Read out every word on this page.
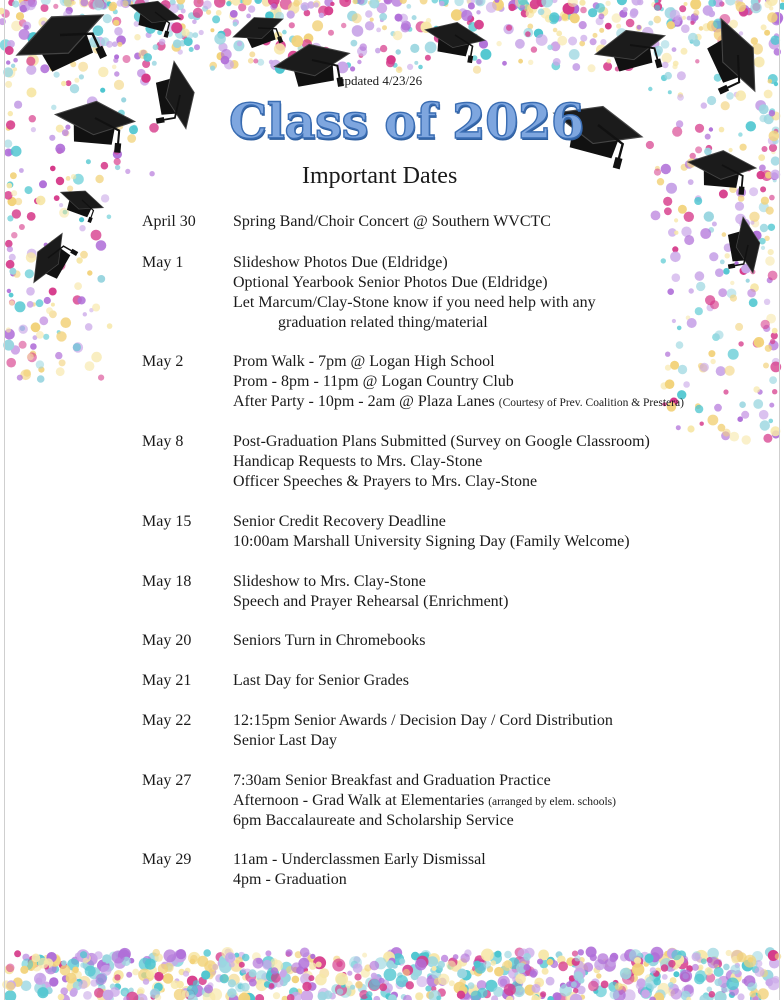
updated 4/23/26
Class of 2026
Important Dates
April 30 Spring Band/Choir Concert @ Southern WVCTC
May 1	Slideshow Photos Due (Eldridge)
Optional Yearbook Senior Photos Due (Eldridge)
Let Marcum/Clay-Stone know if you need help with any
graduation related thing/material
May 2	Prom Walk - 7pm @ Logan High School
Prom - 8pm - 11pm @ Logan Country Club
After Party - 10pm - 2am @ Plaza Lanes (Courtesy of Prev. Coalition & Prestera)
May 8	Post-Graduation Plans Submitted (Survey on Google Classroom)
Handicap Requests to Mrs. Clay-Stone
Officer Speeches & Prayers to Mrs. Clay-Stone
May 15	Senior Credit Recovery Deadline
10:00am Marshall University Signing Day (Family Welcome)
May 18	Slideshow to Mrs. Clay-Stone
Speech and Prayer Rehearsal (Enrichment)
May 20	Seniors Turn in Chromebooks
May 21	Last Day for Senior Grades
May 22	12:15pm Senior Awards / Decision Day / Cord Distribution
Senior Last Day
May 27	7:30am Senior Breakfast and Graduation Practice
Afternoon - Grad Walk at Elementaries (arranged by elem. schools)
6pm Baccalaureate and Scholarship Service
May 29	11am - Underclassmen Early Dismissal
4pm - Graduation
